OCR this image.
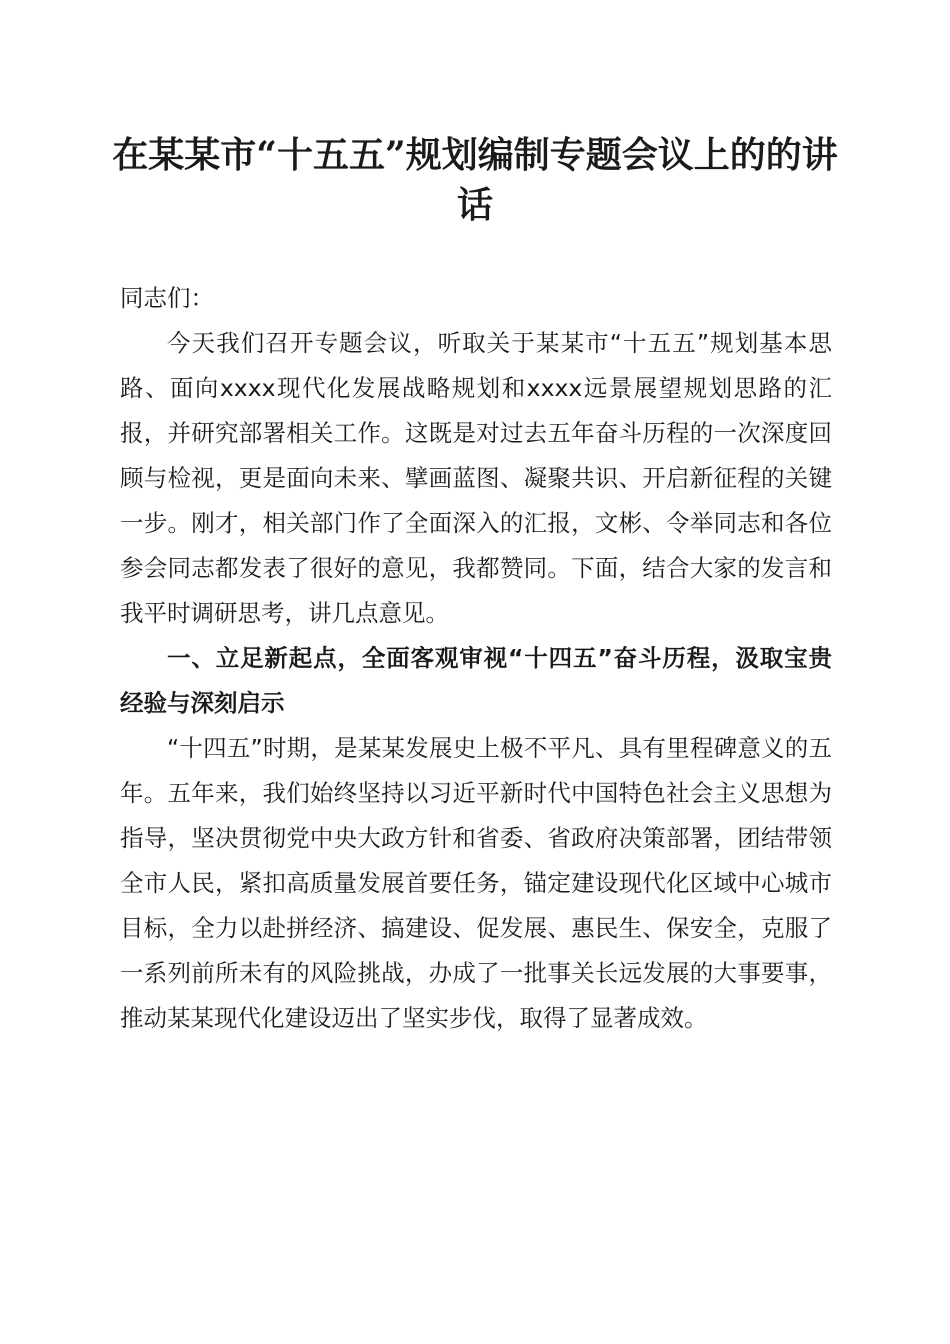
在某某市“十五五”规划编制专题会议上的的讲话

同志们：

今天我们召开专题会议，听取关于某某市“十五五”规划基本思路、面向xxxx现代化发展战略规划和xxxx远景展望规划思路的汇报，并研究部署相关工作。这既是对过去五年奋斗历程的一次深度回顾与检视，更是面向未来、擘画蓝图、凝聚共识、开启新征程的关键一步。刚才，相关部门作了全面深入的汇报，文彬、令举同志和各位参会同志都发表了很好的意见，我都赞同。下面，结合大家的发言和我平时调研思考，讲几点意见。

一、立足新起点，全面客观审视“十四五”奋斗历程，汲取宝贵经验与深刻启示

“十四五”时期，是某某发展史上极不平凡、具有里程碑意义的五年。五年来，我们始终坚持以习近平新时代中国特色社会主义思想为指导，坚决贯彻党中央大政方针和省委、省政府决策部署，团结带领全市人民，紧扣高质量发展首要任务，锚定建设现代化区域中心城市目标，全力以赴拼经济、搞建设、促发展、惠民生、保安全，克服了一系列前所未有的风险挑战，办成了一批事关长远发展的大事要事，推动某某现代化建设迈出了坚实步伐，取得了显著成效。
